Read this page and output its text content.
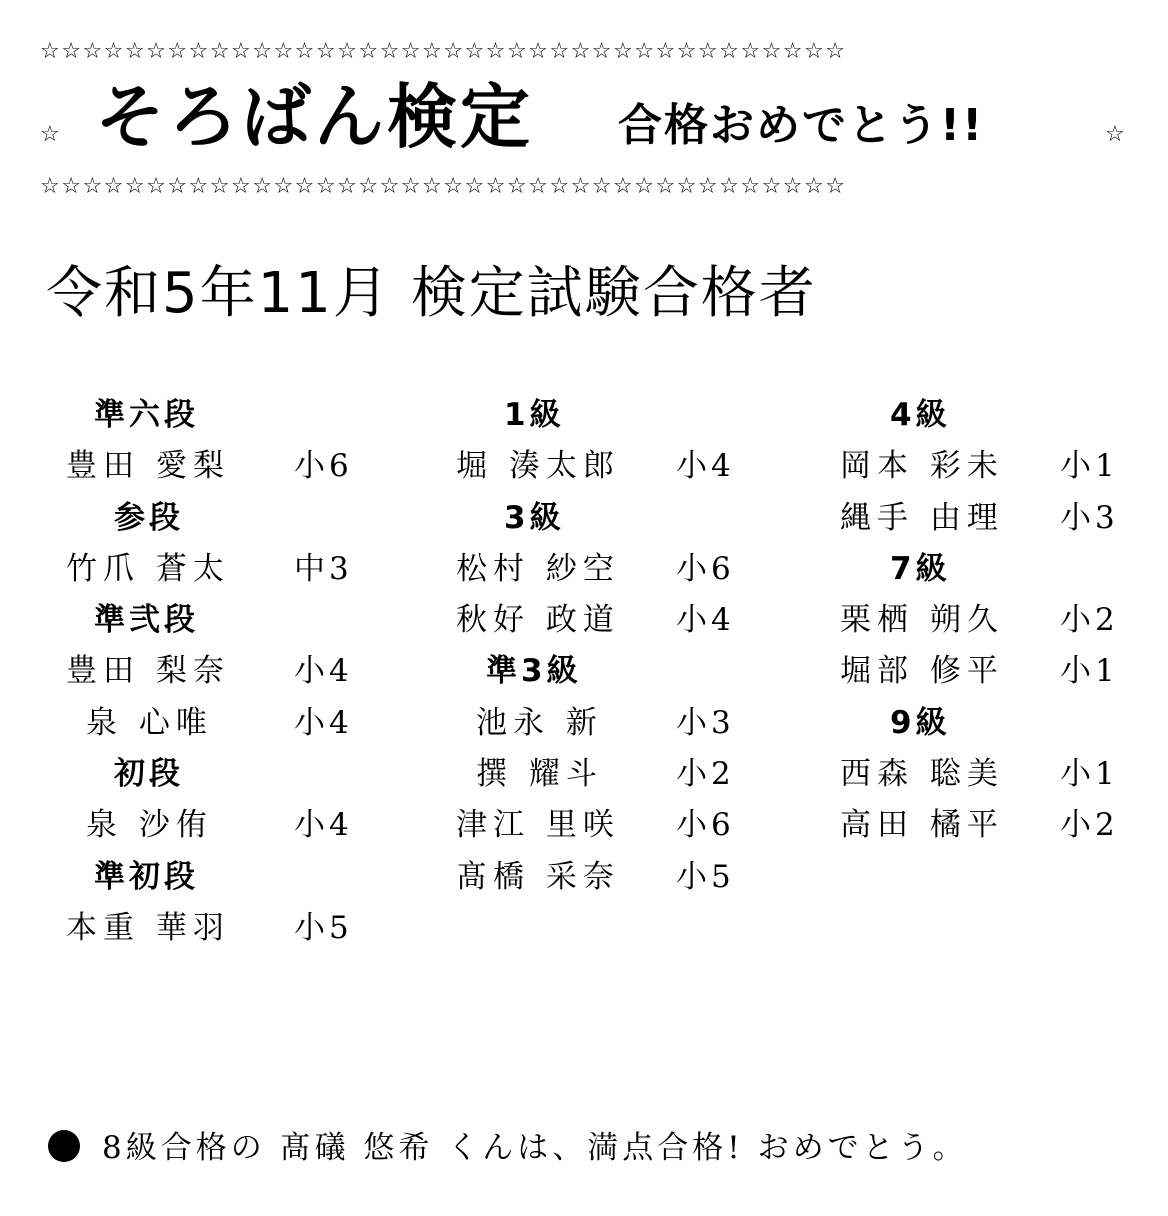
☆☆☆☆☆☆☆☆☆☆☆☆☆☆☆☆☆☆☆☆☆☆☆☆☆☆☆☆☆☆☆☆☆☆☆☆☆☆
☆ そろばん検定 合格おめでとう!!	☆
☆☆☆☆☆☆☆☆☆☆☆☆☆☆☆☆☆☆☆☆☆☆☆☆☆☆☆☆☆☆☆☆☆☆☆☆☆☆
令和5年11月 検定試験合格者
準六段
豊田 愛梨 小6
参段
竹爪 蒼太 中3
準弐段
豊田 梨奈 小4
泉 心唯	小4
初段
泉 沙侑	小4
準初段
本重 華羽 小5
1級
堀 湊太郎 小4
3級
松村 紗空 小6
秋好 政道 小4
準3級
池永 新 小3
撰 耀斗 小2
津江 里咲 小6
髙橋 采奈 小5
4級
岡本 彩未 小1
縄手 由理 小3
7級
栗栖 朔久 小2
堀部 修平 小1
9級
西森 聡美 小1
高田 橘平 小2
8級合格の 髙礒 悠希 くんは、満点合格! おめでとう。
